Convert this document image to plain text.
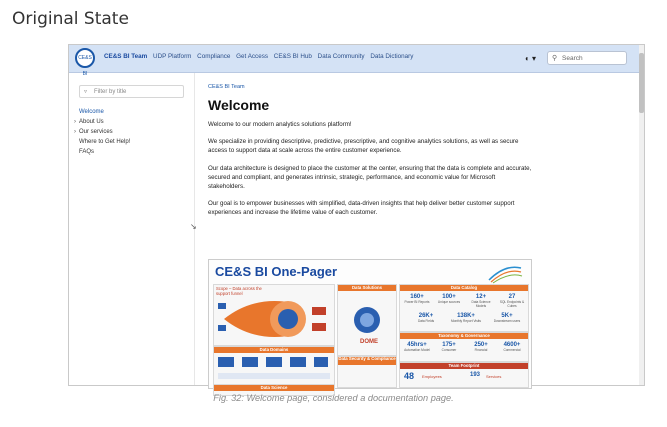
Original State
CE&S BI
CE&S BI Team UDP Platform Compliance Get Access CE&S BI Hub Data Community Data Dictionary	◐ ▾ ⚲ Search
▿ Filter by title
Welcome
› About Us
› Our services
Where to Get Help!
FAQs
CE&S BI Team
Welcome
Welcome to our modern analytics solutions platform!
We specialize in providing descriptive, predictive, prescriptive, and cognitive analytics solutions, as well as secure access to support data at scale across the entire customer experience.
Our data architecture is designed to place the customer at the center, ensuring that the data is complete and accurate, secured and compliant, and generates intrinsic, strategic, performance, and economic value for Microsoft stakeholders.
Our goal is to empower businesses with simplified, data-driven insights that help deliver better customer support experiences and increase the lifetime value of each customer.
CE&S BI One-Pager
Scope – Data across the support funnel
Data Domains
Data Solutions
DOME
Data Security & Compliance
Data Catalog
160+
Power BI Reports
100+
Unique sources
12+
Data Science Models
27
SQL Endpoints & Cubes
26K+
Data Fields
138K+
Monthly Report Visits
5K+
Downstream users
Taxonomy & Governance
45hrs+
Automation Model
175+
Consumer
250+
Financial
4600+
Commercial
Team Footprint
48 Employees	193 Services
Data Science
↘
Fig. 32: Welcome page, considered a documentation page.
